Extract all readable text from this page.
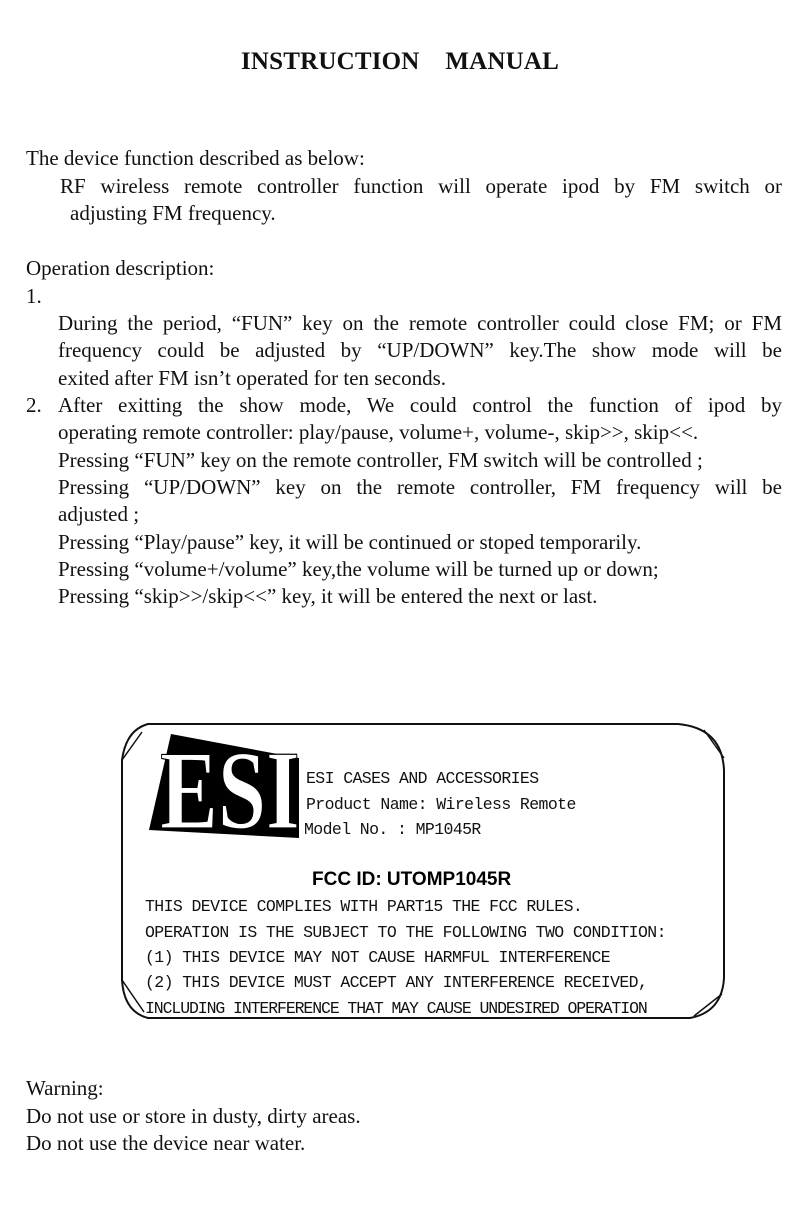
INSTRUCTION    MANUAL
The device function described as below:
RF wireless remote controller function will operate ipod by FM switch or
adjusting FM frequency.
Operation description:
1.
During the period, “FUN” key on the remote controller could close FM; or FM
frequency could be adjusted by “UP/DOWN” key.The show mode will be
exited after FM isn’t operated for ten seconds.
2. After exitting the show mode, We could control the function of ipod by
operating remote controller: play/pause, volume+, volume-, skip>>, skip<<.
Pressing “FUN” key on the remote controller, FM switch will be controlled ;
Pressing “UP/DOWN” key on the remote controller, FM frequency will be
adjusted ;
Pressing “Play/pause” key, it will be continued or stoped temporarily.
Pressing “volume+/volume” key,the volume will be turned up or down;
Pressing “skip>>/skip<<” key, it will be entered the next or last.
ESI ESI CASES AND ACCESSORIES
Product Name: Wireless Remote
Model No. : MP1045R
FCC ID: UTOMP1045R
THIS DEVICE COMPLIES WITH PART15 THE FCC RULES.
OPERATION IS THE SUBJECT TO THE FOLLOWING TWO CONDITION:
(1) THIS DEVICE MAY NOT CAUSE HARMFUL INTERFERENCE
(2) THIS DEVICE MUST ACCEPT ANY INTERFERENCE RECEIVED,
INCLUDING INTERFERENCE THAT MAY CAUSE UNDESIRED OPERATION
Warning:
Do not use or store in dusty, dirty areas.
Do not use the device near water.
